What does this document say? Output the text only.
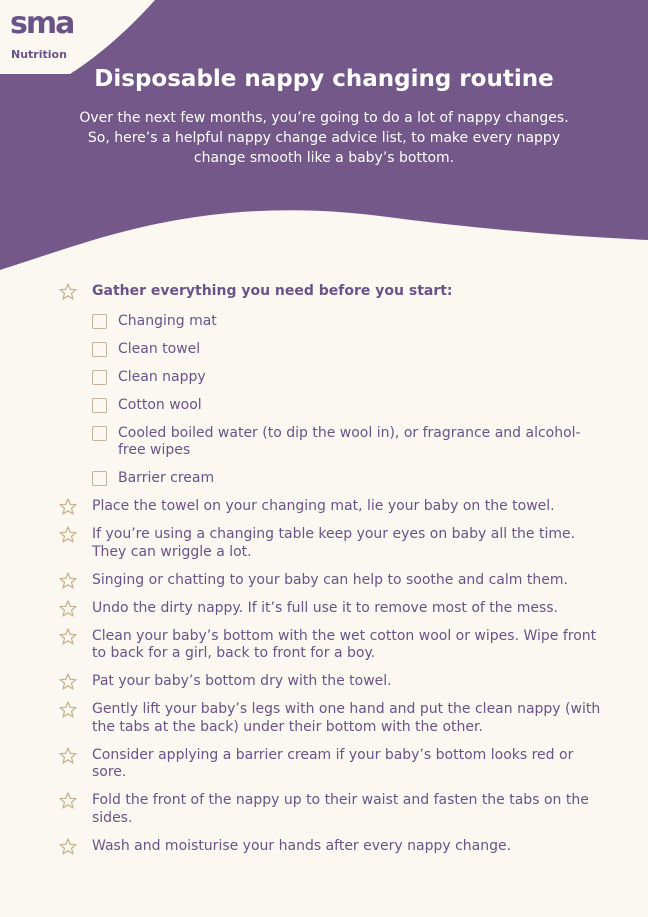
sma
Nutrition
Disposable nappy changing routine

Over the next few months, you’re going to do a lot of nappy changes. So, here’s a helpful nappy change advice list, to make every nappy change smooth like a baby’s bottom.

Gather everything you need before you start:
Changing mat
Clean towel
Clean nappy
Cotton wool
Cooled boiled water (to dip the wool in), or fragrance and alcohol-free wipes
Barrier cream
Place the towel on your changing mat, lie your baby on the towel.
If you’re using a changing table keep your eyes on baby all the time. They can wriggle a lot.
Singing or chatting to your baby can help to soothe and calm them.
Undo the dirty nappy. If it’s full use it to remove most of the mess.
Clean your baby’s bottom with the wet cotton wool or wipes. Wipe front to back for a girl, back to front for a boy.
Pat your baby’s bottom dry with the towel.
Gently lift your baby’s legs with one hand and put the clean nappy (with the tabs at the back) under their bottom with the other.
Consider applying a barrier cream if your baby’s bottom looks red or sore.
Fold the front of the nappy up to their waist and fasten the tabs on the sides.
Wash and moisturise your hands after every nappy change.
